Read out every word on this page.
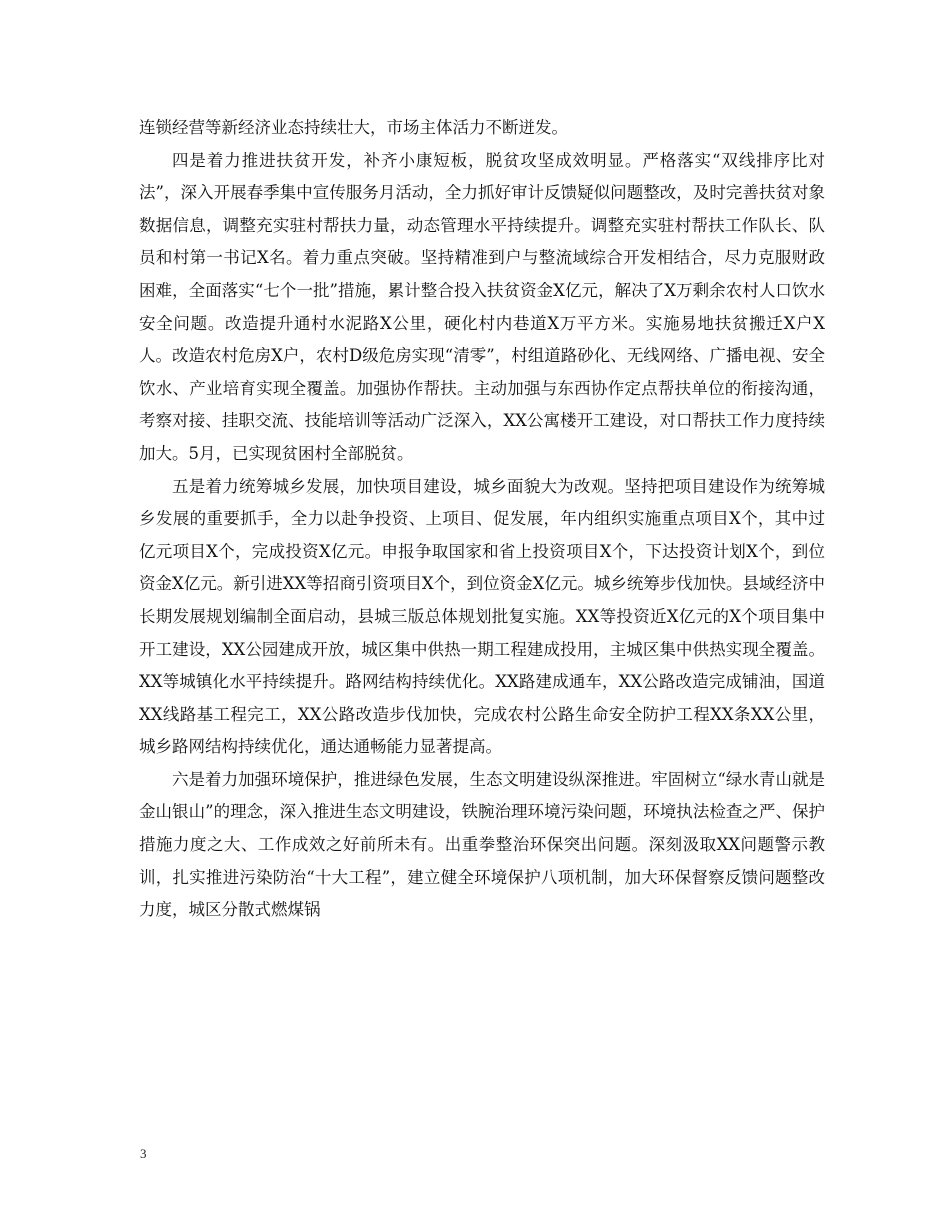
连锁经营等新经济业态持续壮大，市场主体活力不断迸发。

四是着力推进扶贫开发，补齐小康短板，脱贫攻坚成效明显。严格落实“双线排序比对法”，深入开展春季集中宣传服务月活动，全力抓好审计反馈疑似问题整改，及时完善扶贫对象数据信息，调整充实驻村帮扶力量，动态管理水平持续提升。调整充实驻村帮扶工作队长、队员和村第一书记X名。着力重点突破。坚持精准到户与整流域综合开发相结合，尽力克服财政困难，全面落实“七个一批”措施，累计整合投入扶贫资金X亿元，解决了X万剩余农村人口饮水安全问题。改造提升通村水泥路X公里，硬化村内巷道X万平方米。实施易地扶贫搬迁X户X人。改造农村危房X户，农村D级危房实现“清零”，村组道路砂化、无线网络、广播电视、安全饮水、产业培育实现全覆盖。加强协作帮扶。主动加强与东西协作定点帮扶单位的衔接沟通，考察对接、挂职交流、技能培训等活动广泛深入，XX公寓楼开工建设，对口帮扶工作力度持续加大。5月，已实现贫困村全部脱贫。

五是着力统筹城乡发展，加快项目建设，城乡面貌大为改观。坚持把项目建设作为统筹城乡发展的重要抓手，全力以赴争投资、上项目、促发展，年内组织实施重点项目X个，其中过亿元项目X个，完成投资X亿元。申报争取国家和省上投资项目X个，下达投资计划X个，到位资金X亿元。新引进XX等招商引资项目X个，到位资金X亿元。城乡统筹步伐加快。县域经济中长期发展规划编制全面启动，县城三版总体规划批复实施。XX等投资近X亿元的X个项目集中开工建设，XX公园建成开放，城区集中供热一期工程建成投用，主城区集中供热实现全覆盖。XX等城镇化水平持续提升。路网结构持续优化。XX路建成通车，XX公路改造完成铺油，国道XX线路基工程完工，XX公路改造步伐加快，完成农村公路生命安全防护工程XX条XX公里，城乡路网结构持续优化，通达通畅能力显著提高。

六是着力加强环境保护，推进绿色发展，生态文明建设纵深推进。牢固树立“绿水青山就是金山银山”的理念，深入推进生态文明建设，铁腕治理环境污染问题，环境执法检查之严、保护措施力度之大、工作成效之好前所未有。出重拳整治环保突出问题。深刻汲取XX问题警示教训，扎实推进污染防治“十大工程”，建立健全环境保护八项机制，加大环保督察反馈问题整改力度，城区分散式燃煤锅

3
